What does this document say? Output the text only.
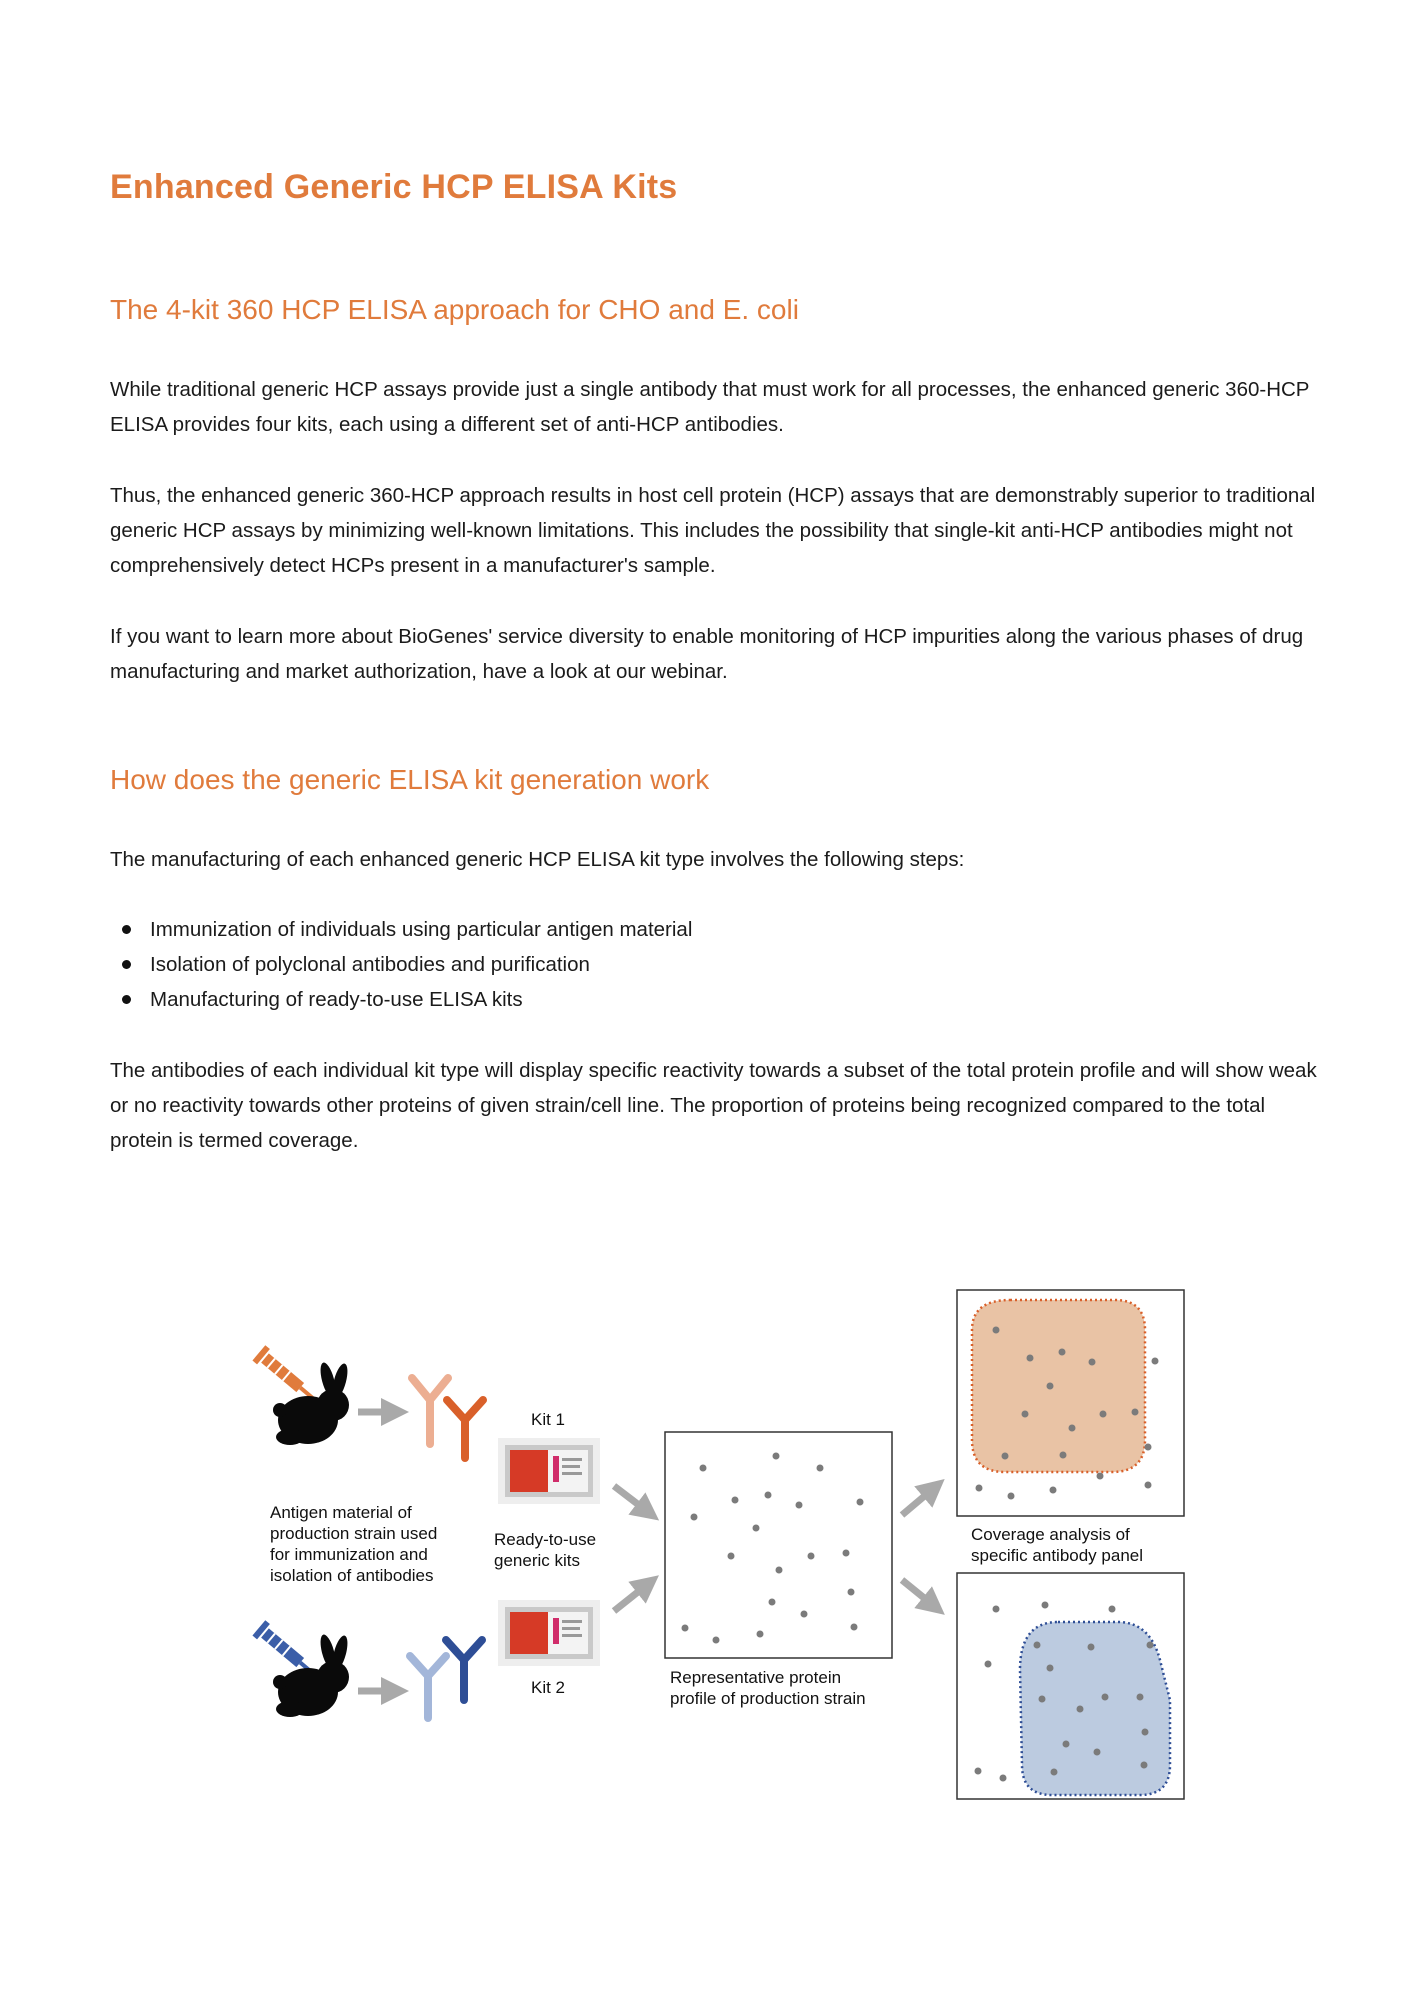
Enhanced Generic HCP ELISA Kits
The 4-kit 360 HCP ELISA approach for CHO and E. coli

While traditional generic HCP assays provide just a single antibody that must work for all processes, the enhanced generic 360-HCP ELISA provides four kits, each using a different set of anti-HCP antibodies.

Thus, the enhanced generic 360-HCP approach results in host cell protein (HCP) assays that are demonstrably superior to traditional generic HCP assays by minimizing well-known limitations. This includes the possibility that single-kit anti-HCP antibodies might not comprehensively detect HCPs present in a manufacturer's sample.

If you want to learn more about BioGenes' service diversity to enable monitoring of HCP impurities along the various phases of drug manufacturing and market authorization, have a look at our webinar.

How does the generic ELISA kit generation work

The manufacturing of each enhanced generic HCP ELISA kit type involves the following steps:

Immunization of individuals using particular antigen material
Isolation of polyclonal antibodies and purification
Manufacturing of ready-to-use ELISA kits

The antibodies of each individual kit type will display specific reactivity towards a subset of the total protein profile and will show weak or no reactivity towards other proteins of given strain/cell line. The proportion of proteins being recognized compared to the total protein is termed coverage.

Kit 1
Ready-to-use generic kits
Kit 2
Antigen material of production strain used for immunization and isolation of antibodies
Representative protein profile of production strain
Coverage analysis of specific antibody panel
